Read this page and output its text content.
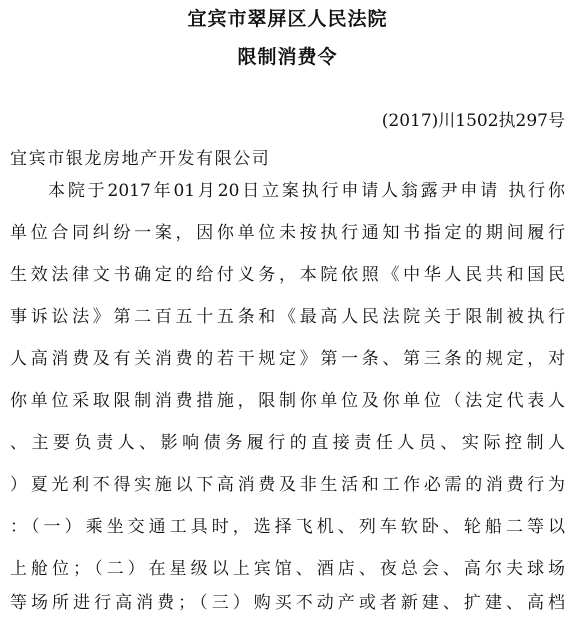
宜宾市翠屏区人民法院
限制消费令
(2017)川1502执297号
宜宾市银龙房地产开发有限公司
本院于2017年01月20日立案执行申请人翁露尹申请 执行你
单位合同纠纷一案，因你单位未按执行通知书指定的期间履行
生效法律文书确定的给付义务，本院依照《中华人民共和国民
事诉讼法》第二百五十五条和《最高人民法院关于限制被执行
人高消费及有关消费的若干规定》第一条、第三条的规定，对
你单位采取限制消费措施，限制你单位及你单位（法定代表人
、主要负责人、影响债务履行的直接责任人员、实际控制人
）夏光利不得实施以下高消费及非生活和工作必需的消费行为
：（一）乘坐交通工具时，选择飞机、列车软卧、轮船二等以
上舱位；（二）在星级以上宾馆、酒店、夜总会、高尔夫球场
等场所进行高消费；（三）购买不动产或者新建、扩建、高档
